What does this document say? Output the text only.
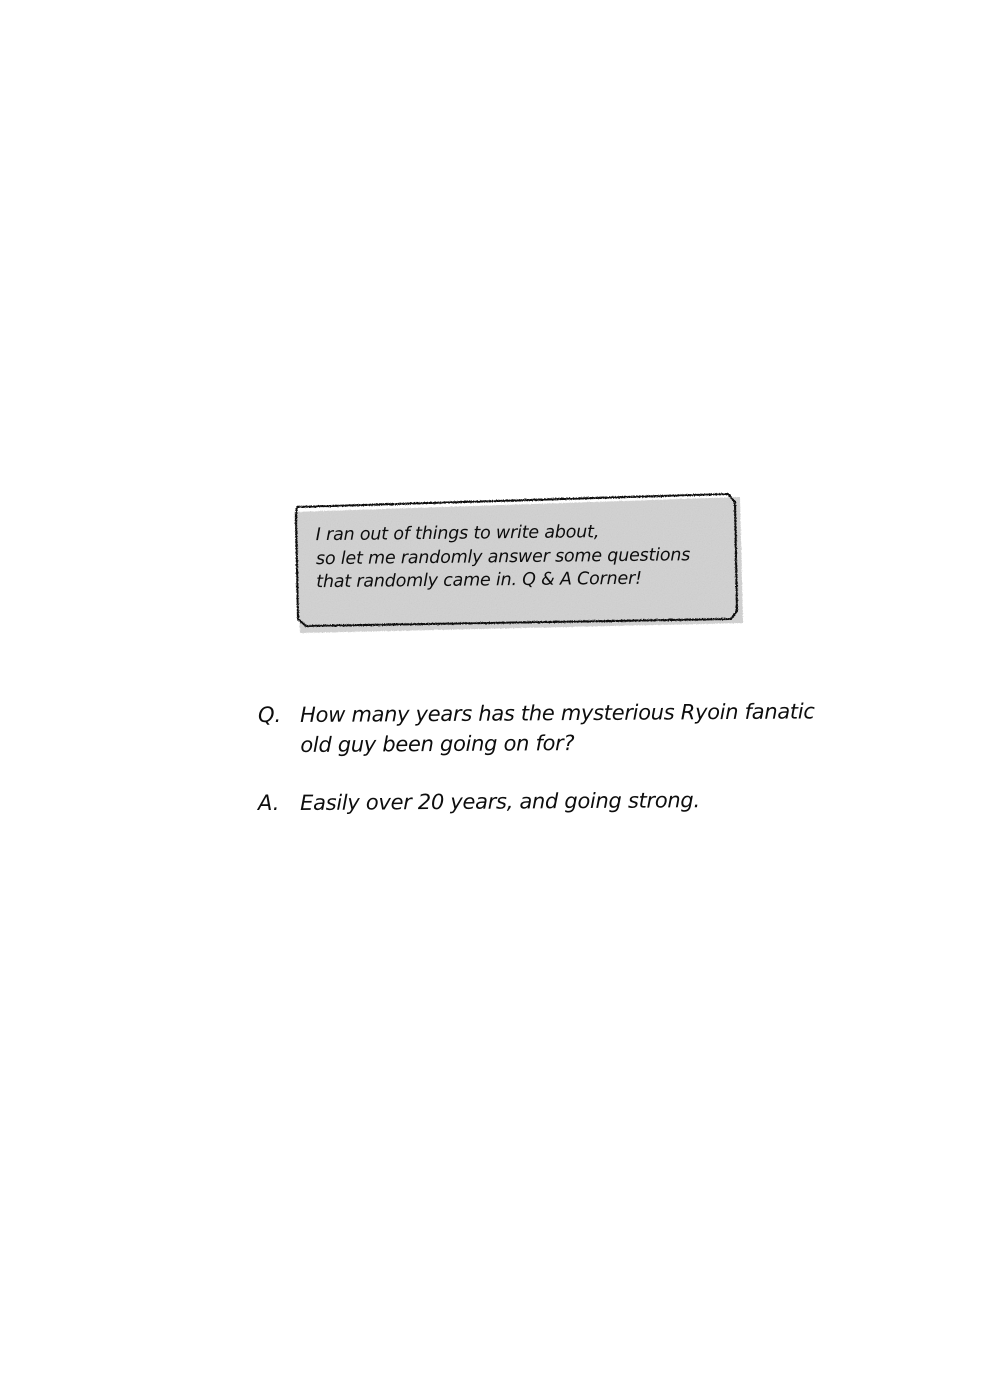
I ran out of things to write about,
so let me randomly answer some questions
that randomly came in. Q & A Corner!
Q. How many years has the mysterious Ryoin fanatic
old guy been going on for?
A. Easily over 20 years, and going strong.
